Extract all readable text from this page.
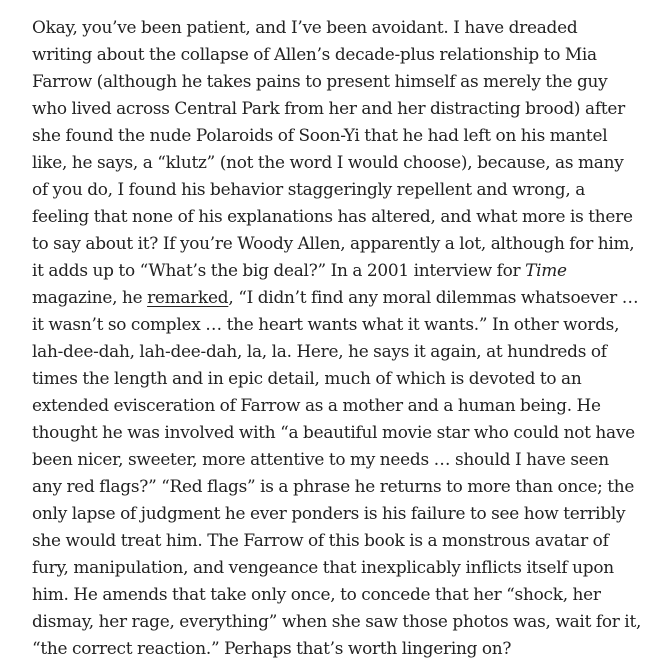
Okay, you’ve been patient, and I’ve been avoidant. I have dreaded writing about the collapse of Allen’s decade-plus relationship to Mia Farrow (although he takes pains to present himself as merely the guy who lived across Central Park from her and her distracting brood) after she found the nude Polaroids of Soon-Yi that he had left on his mantel like, he says, a “klutz” (not the word I would choose), because, as many of you do, I found his behavior staggeringly repellent and wrong, a feeling that none of his explanations has altered, and what more is there to say about it? If you’re Woody Allen, apparently a lot, although for him, it adds up to “What’s the big deal?” In a 2001 interview for Time magazine, he remarked, “I didn’t find any moral dilemmas whatsoever … it wasn’t so complex … the heart wants what it wants.” In other words, lah-dee-dah, lah-dee-dah, la, la. Here, he says it again, at hundreds of times the length and in epic detail, much of which is devoted to an extended evisceration of Farrow as a mother and a human being. He thought he was involved with “a beautiful movie star who could not have been nicer, sweeter, more attentive to my needs … should I have seen any red flags?” “Red flags” is a phrase he returns to more than once; the only lapse of judgment he ever ponders is his failure to see how terribly she would treat him. The Farrow of this book is a monstrous avatar of fury, manipulation, and vengeance that inexplicably inflicts itself upon him. He amends that take only once, to concede that her “shock, her dismay, her rage, everything” when she saw those photos was, wait for it, “the correct reaction.” Perhaps that’s worth lingering on?
